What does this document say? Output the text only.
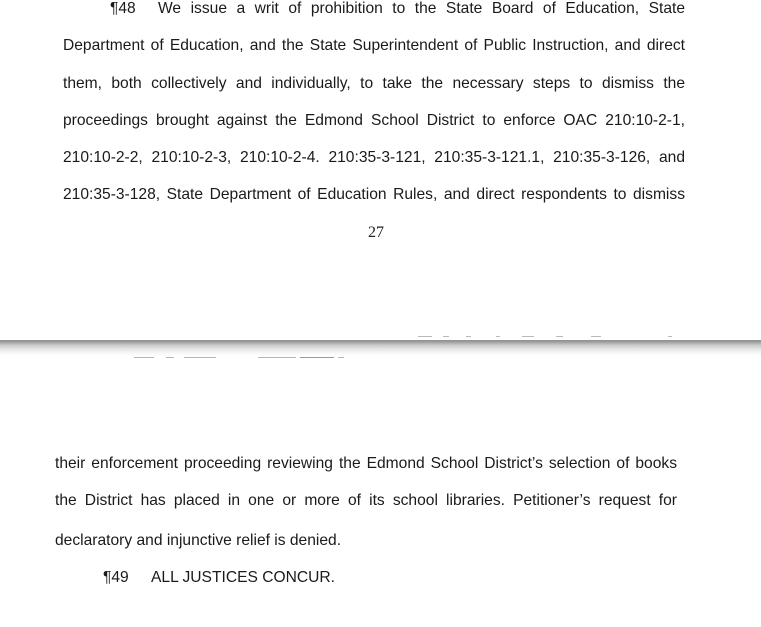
¶48 We issue a writ of prohibition to the State Board of Education, State
Department of Education, and the State Superintendent of Public Instruction, and direct
them, both collectively and individually, to take the necessary steps to dismiss the
proceedings brought against the Edmond School District to enforce OAC 210:10-2-1,
210:10-2-2, 210:10-2-3, 210:10-2-4. 210:35-3-121, 210:35-3-121.1, 210:35-3-126, and
210:35-3-128, State Department of Education Rules, and direct respondents to dismiss
27
their enforcement proceeding reviewing the Edmond School District’s selection of books
the District has placed in one or more of its school libraries. Petitioner’s request for
declaratory and injunctive relief is denied.
¶49 ALL JUSTICES CONCUR.
